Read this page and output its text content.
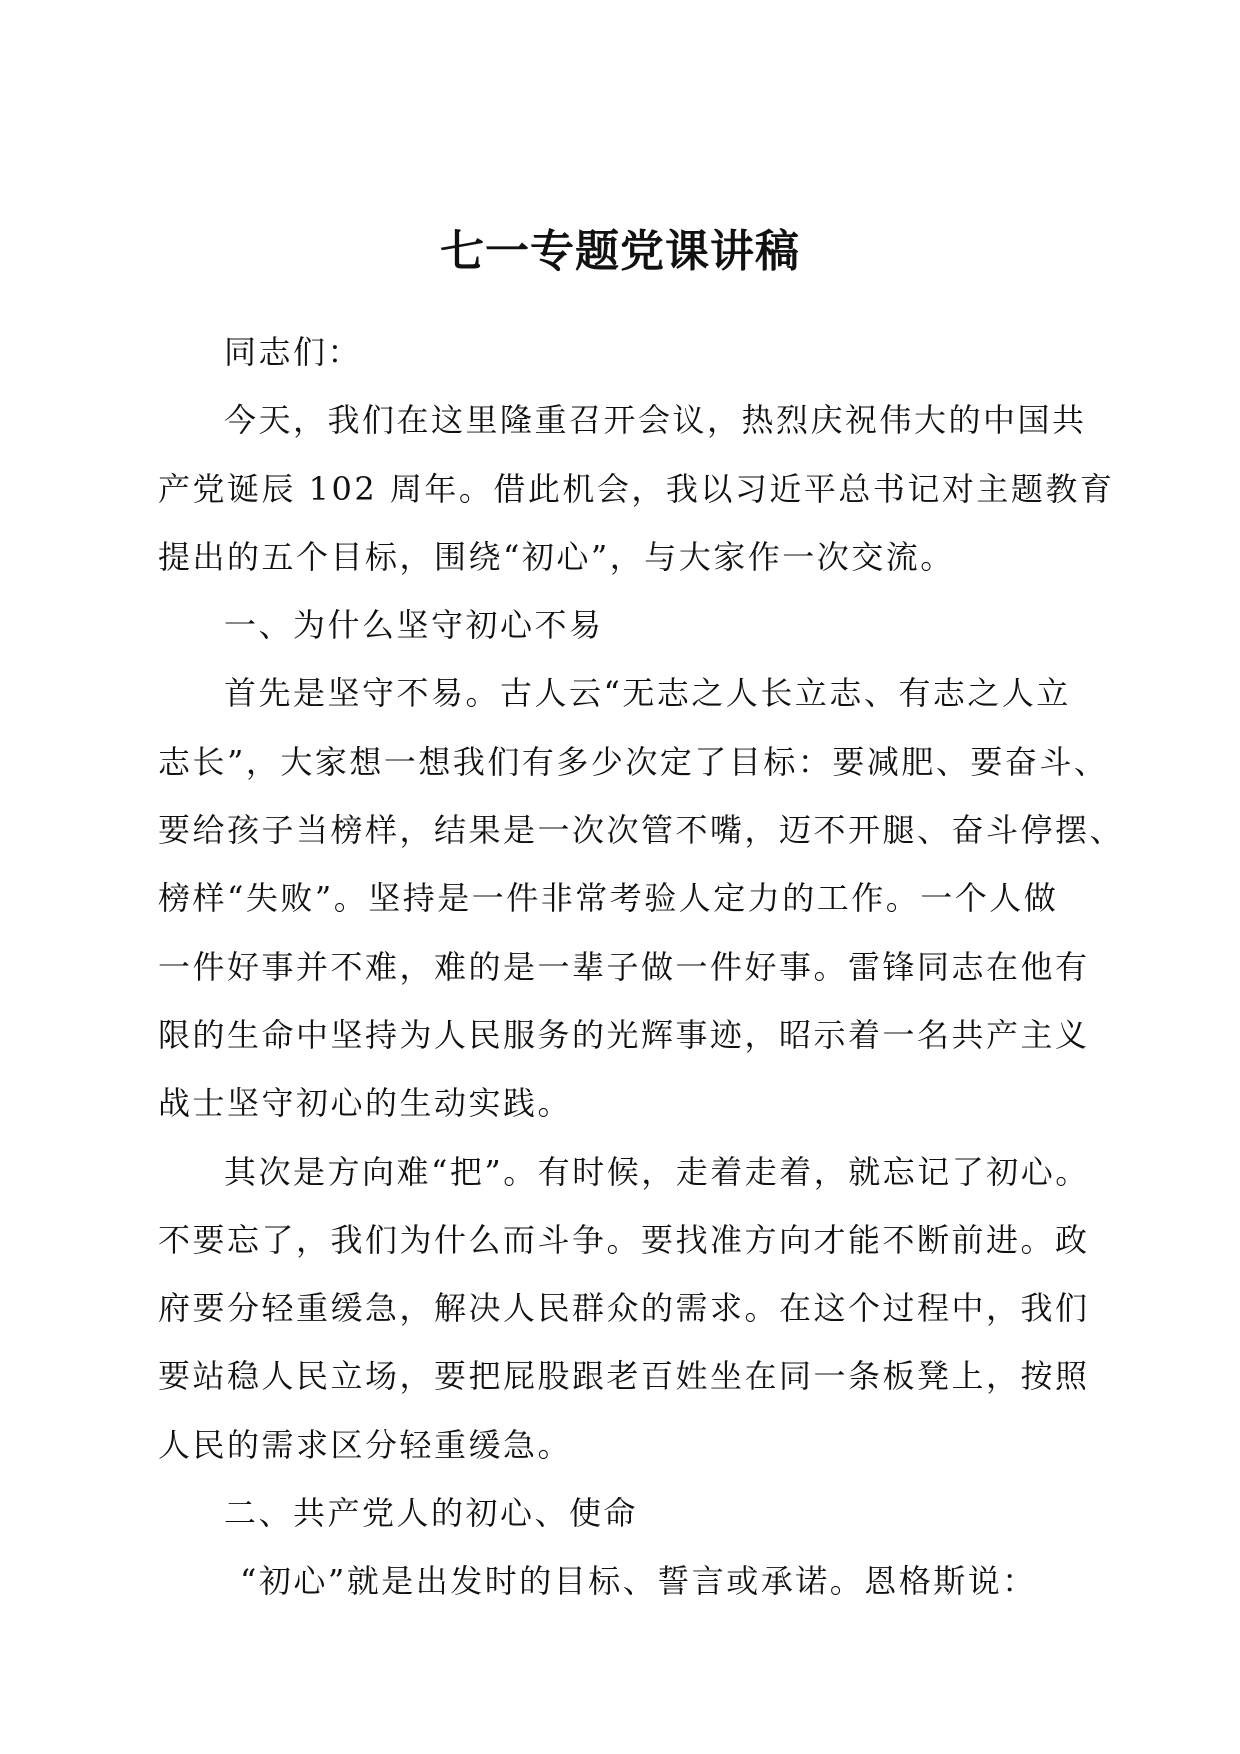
七一专题党课讲稿

同志们：

今天，我们在这里隆重召开会议，热烈庆祝伟大的中国共
产党诞辰 102 周年。借此机会，我以习近平总书记对主题教育
提出的五个目标，围绕“初心”，与大家作一次交流。

一、为什么坚守初心不易

首先是坚守不易。古人云“无志之人长立志、有志之人立
志长”，大家想一想我们有多少次定了目标：要减肥、要奋斗、
要给孩子当榜样，结果是一次次管不嘴，迈不开腿、奋斗停摆、
榜样“失败”。坚持是一件非常考验人定力的工作。一个人做
一件好事并不难，难的是一辈子做一件好事。雷锋同志在他有
限的生命中坚持为人民服务的光辉事迹，昭示着一名共产主义
战士坚守初心的生动实践。

其次是方向难“把”。有时候，走着走着，就忘记了初心。
不要忘了，我们为什么而斗争。要找准方向才能不断前进。政
府要分轻重缓急，解决人民群众的需求。在这个过程中，我们
要站稳人民立场，要把屁股跟老百姓坐在同一条板凳上，按照
人民的需求区分轻重缓急。

二、共产党人的初心、使命

“初心”就是出发时的目标、誓言或承诺。恩格斯说：
